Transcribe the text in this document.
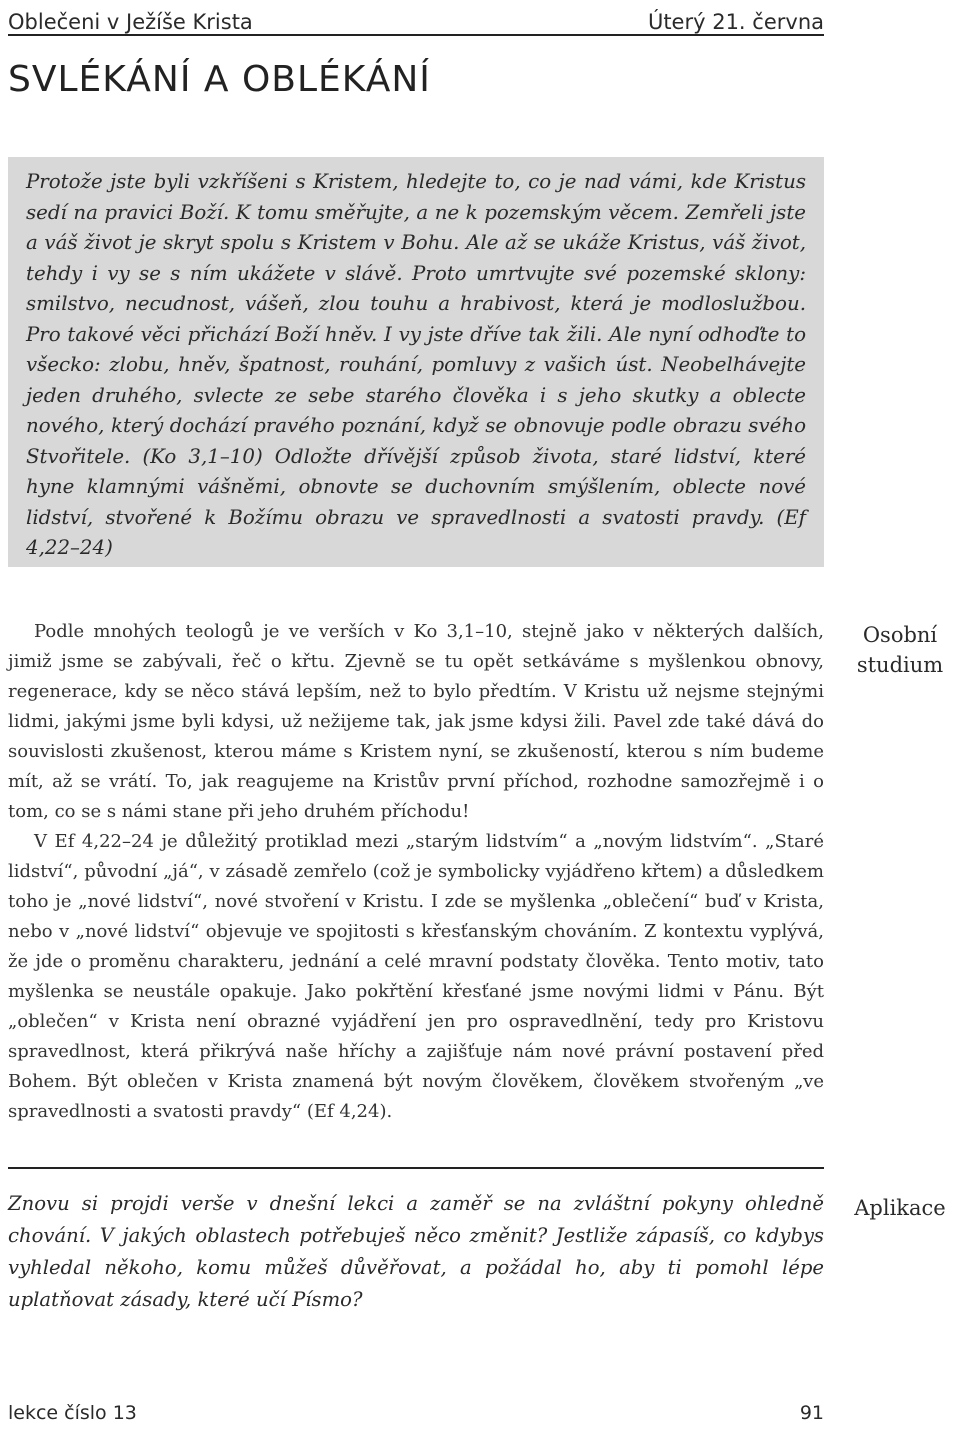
Oblečeni v Ježíše Krista	Úterý 21. června
SVLÉKÁNÍ A OBLÉKÁNÍ

Protože jste byli vzkříšeni s Kristem, hledejte to, co je nad vámi, kde Kristus sedí na pravici Boží. K tomu směřujte, a ne k pozemským věcem. Zemřeli jste a váš život je skryt spolu s Kristem v Bohu. Ale až se ukáže Kristus, váš život, tehdy i vy se s ním ukážete v slávě. Proto umrtvujte své pozemské sklony: smilstvo, necudnost, vášeň, zlou touhu a hrabivost, která je modloslužbou. Pro takové věci přichází Boží hněv. I vy jste dříve tak žili. Ale nyní odhoďte to všecko: zlobu, hněv, špatnost, rouhání, pomluvy z vašich úst. Neobelhávejte jeden druhého, svlecte ze sebe starého člověka i s jeho skutky a oblecte nového, který dochází pravého poznání, když se obnovuje podle obrazu svého Stvořitele. (Ko 3,1–10) Odložte dřívější způsob života, staré lidství, které hyne klamnými vášněmi, obnovte se duchovním smýšlením, oblecte nové lidství, stvořené k Božímu obrazu ve spravedlnosti a svatosti pravdy. (Ef 4,22–24)

Osobní studium

Podle mnohých teologů je ve verších v Ko 3,1–10, stejně jako v některých dalších, jimiž jsme se zabývali, řeč o křtu. Zjevně se tu opět setkáváme s myšlenkou obnovy, regenerace, kdy se něco stává lepším, než to bylo předtím. V Kristu už nejsme stejnými lidmi, jakými jsme byli kdysi, už nežijeme tak, jak jsme kdysi žili. Pavel zde také dává do souvislosti zkušenost, kterou máme s Kristem nyní, se zkušeností, kterou s ním budeme mít, až se vrátí. To, jak reagujeme na Kristův první příchod, rozhodne samozřejmě i o tom, co se s námi stane při jeho druhém příchodu!

V Ef 4,22–24 je důležitý protiklad mezi „starým lidstvím“ a „novým lidstvím“. „Staré lidství“, původní „já“, v zásadě zemřelo (což je symbolicky vyjádřeno křtem) a důsledkem toho je „nové lidství“, nové stvoření v Kristu. I zde se myšlenka „oblečení“ buď v Krista, nebo v „nové lidství“ objevuje ve spojitosti s křesťanským chováním. Z kontextu vyplývá, že jde o proměnu charakteru, jednání a celé mravní podstaty člověka. Tento motiv, tato myšlenka se neustále opakuje. Jako pokřtění křesťané jsme novými lidmi v Pánu. Být „oblečen“ v Krista není obrazné vyjádření jen pro ospravedlnění, tedy pro Kristovu spravedlnost, která přikrývá naše hříchy a zajišťuje nám nové právní postavení před Bohem. Být oblečen v Krista znamená být novým člověkem, člověkem stvořeným „ve spravedlnosti a svatosti pravdy“ (Ef 4,24).

Aplikace

Znovu si projdi verše v dnešní lekci a zaměř se na zvláštní pokyny ohledně chování. V jakých oblastech potřebuješ něco změnit? Jestliže zápasíš, co kdybys vyhledal někoho, komu můžeš důvěřovat, a požádal ho, aby ti pomohl lépe uplatňovat zásady, které učí Písmo?

lekce číslo 13	91
